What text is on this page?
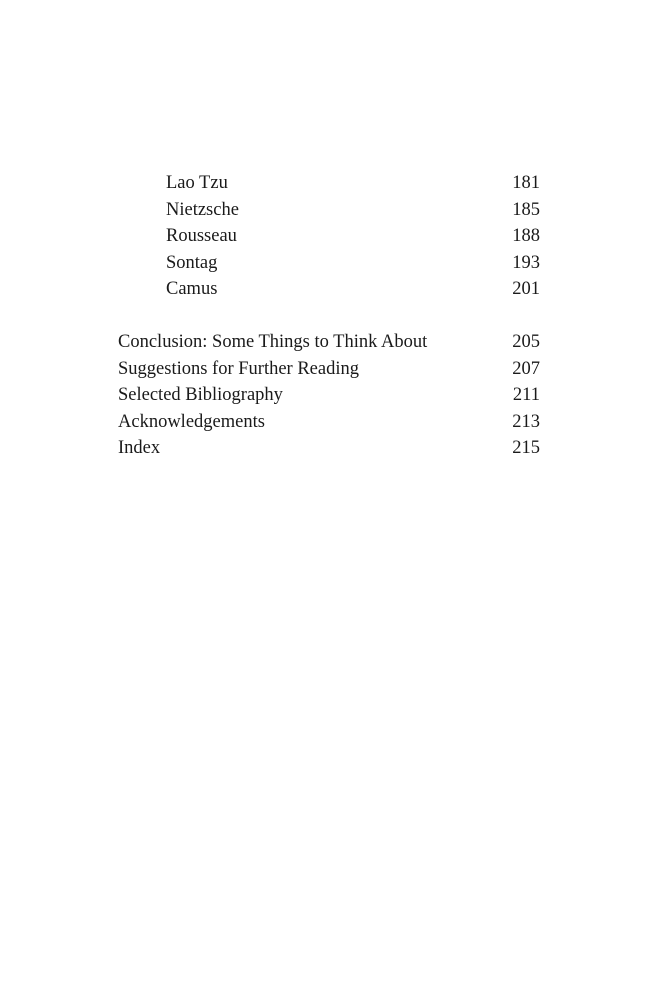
Lao Tzu	181
Nietzsche	185
Rousseau	188
Sontag	193
Camus	201
Conclusion: Some Things to Think About	205
Suggestions for Further Reading	207
Selected Bibliography	211
Acknowledgements	213
Index	215
